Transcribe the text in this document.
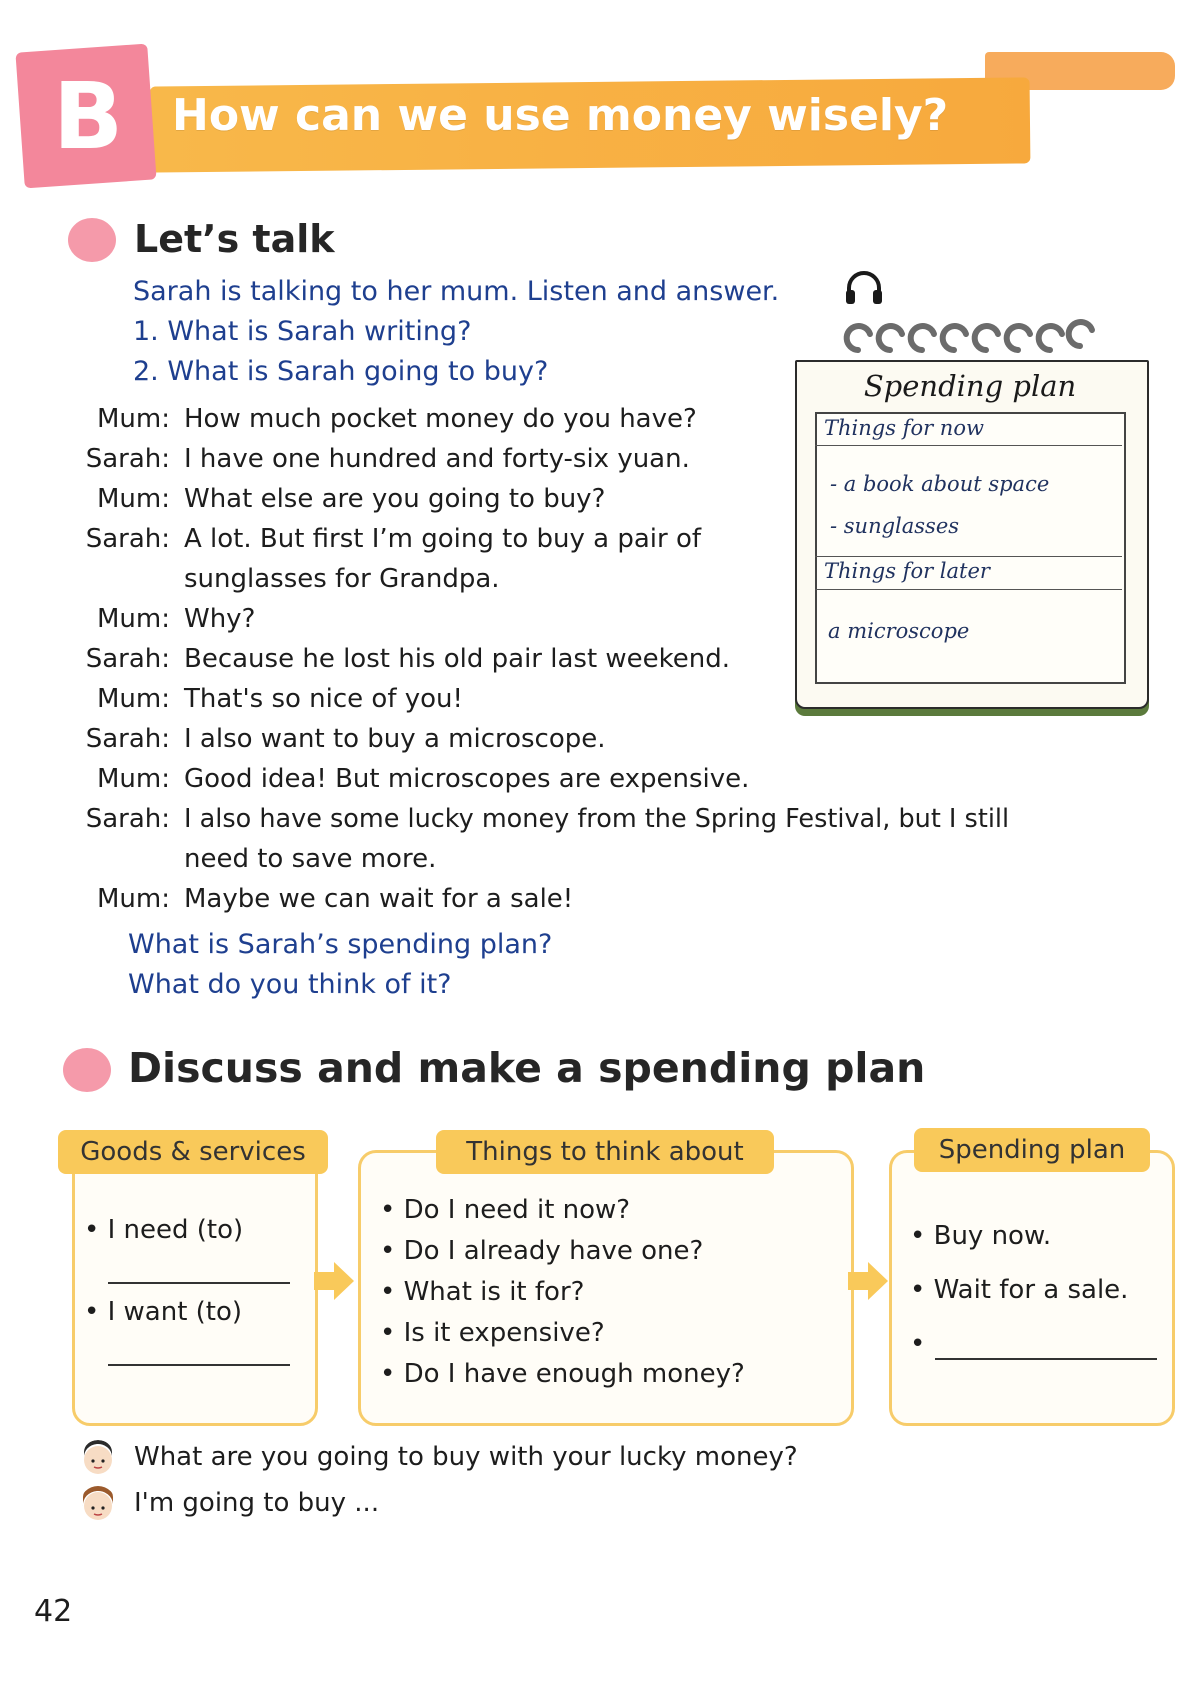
B How can we use money wisely?
Let’s talk
Sarah is talking to her mum. Listen and answer.
1. What is Sarah writing?
2. What is Sarah going to buy?
Mum: How much pocket money do you have?
Sarah: I have one hundred and forty-six yuan.
Mum: What else are you going to buy?
Sarah: A lot. But first I’m going to buy a pair of
sunglasses for Grandpa.
Mum: Why?
Sarah: Because he lost his old pair last weekend.
Mum: That's so nice of you!
Sarah: I also want to buy a microscope.
Mum: Good idea! But microscopes are expensive.
Sarah: I also have some lucky money from the Spring Festival, but I still
need to save more.
Mum: Maybe we can wait for a sale!
What is Sarah’s spending plan?
What do you think of it?
Spending plan
Things for now
- a book about space
- sunglasses
Things for later
a microscope
Discuss and make a spending plan
Goods & services
• I need (to)
• I want (to)
Things to think about
• Do I need it now?
• Do I already have one?
• What is it for?
• Is it expensive?
• Do I have enough money?
Spending plan
• Buy now.
• Wait for a sale.
•
What are you going to buy with your lucky money?
I'm going to buy ...
42
